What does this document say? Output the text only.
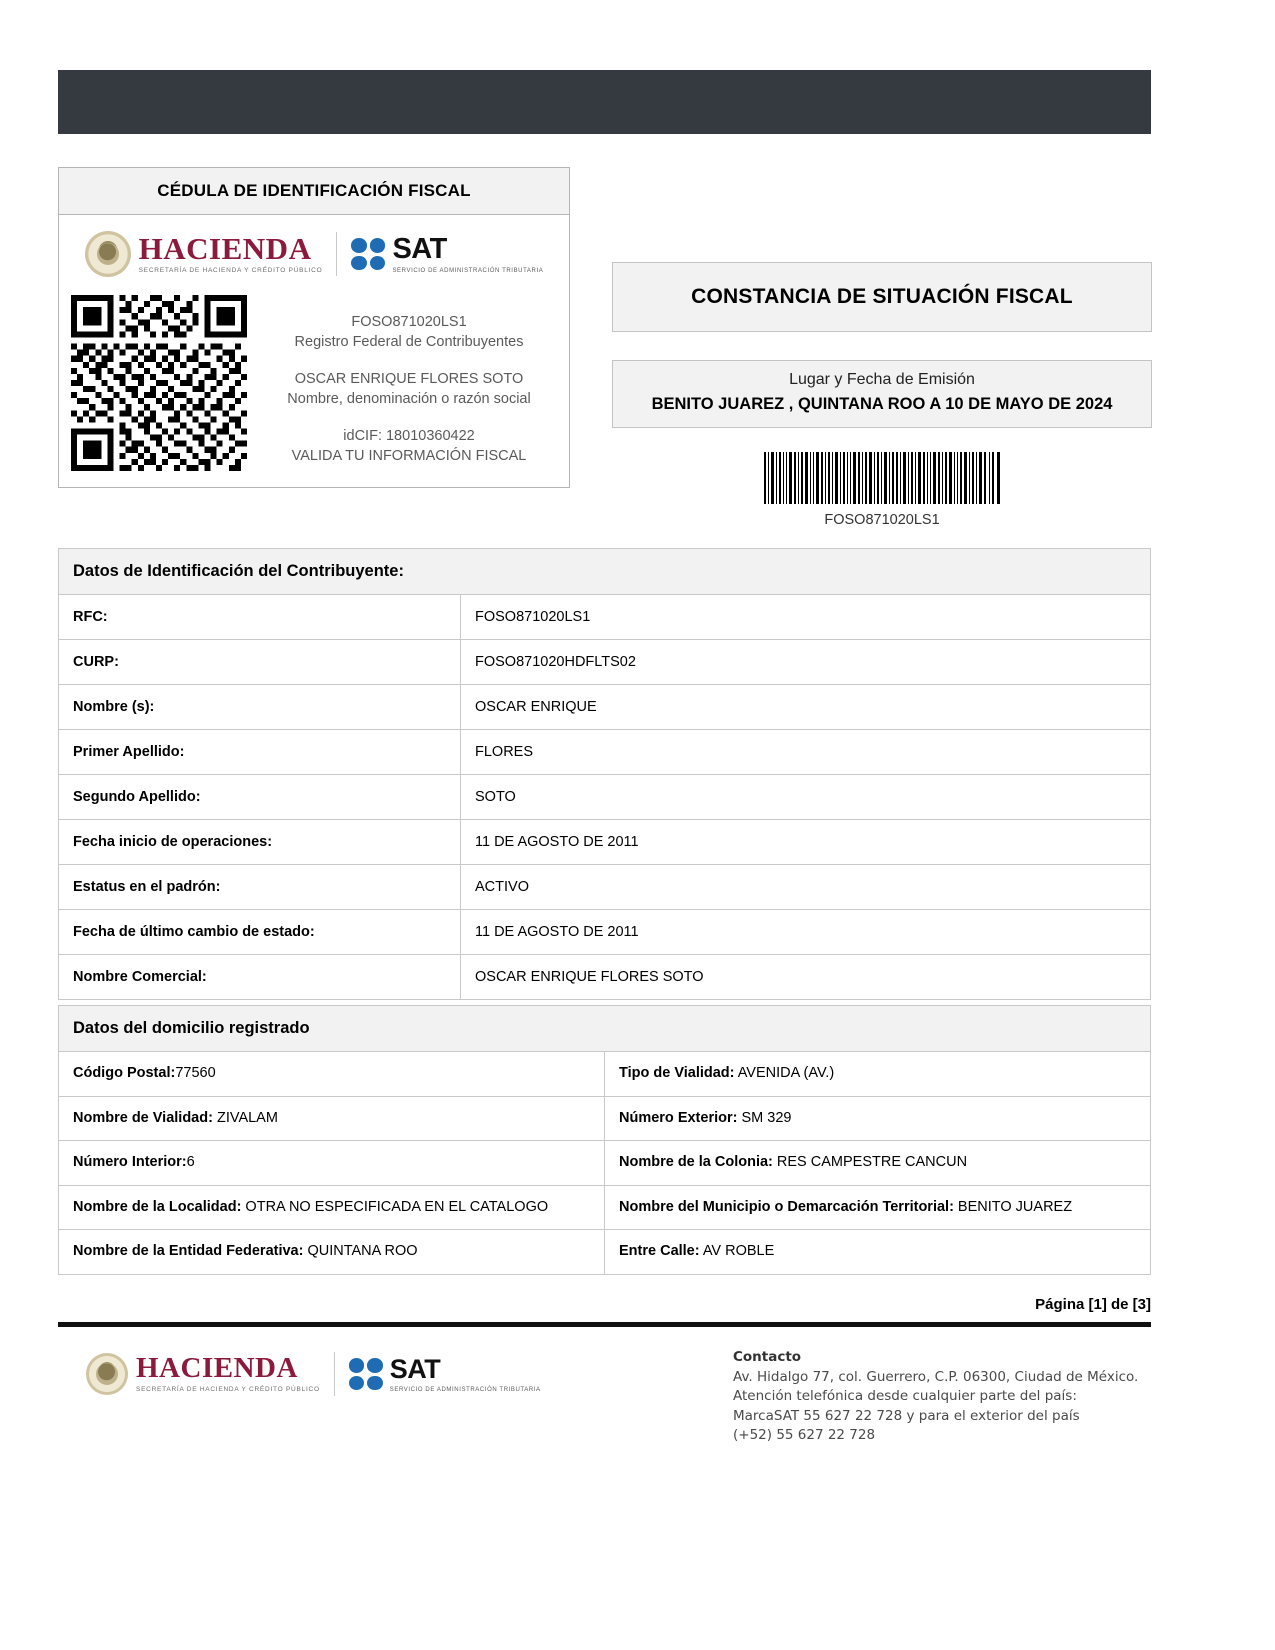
CÉDULA DE IDENTIFICACIÓN FISCAL
HACIENDA
SECRETARÍA DE HACIENDA Y CRÉDITO PÚBLICO
SAT
SERVICIO DE ADMINISTRACIÓN TRIBUTARIA
FOSO871020LS1
Registro Federal de Contribuyentes
OSCAR ENRIQUE FLORES SOTO
Nombre, denominación o razón social
idCIF: 18010360422
VALIDA TU INFORMACIÓN FISCAL
CONSTANCIA DE SITUACIÓN FISCAL
Lugar y Fecha de Emisión
BENITO JUAREZ , QUINTANA ROO A 10 DE MAYO DE 2024
FOSO871020LS1
Datos de Identificación del Contribuyente:
RFC:	FOSO871020LS1
CURP:	FOSO871020HDFLTS02
Nombre (s):	OSCAR ENRIQUE
Primer Apellido:	FLORES
Segundo Apellido:	SOTO
Fecha inicio de operaciones:	11 DE AGOSTO DE 2011
Estatus en el padrón:	ACTIVO
Fecha de último cambio de estado:	11 DE AGOSTO DE 2011
Nombre Comercial:	OSCAR ENRIQUE FLORES SOTO
Datos del domicilio registrado
Código Postal:77560	Tipo de Vialidad: AVENIDA (AV.)
Nombre de Vialidad: ZIVALAM	Número Exterior: SM 329
Número Interior:6	Nombre de la Colonia: RES CAMPESTRE CANCUN
Nombre de la Localidad: OTRA NO ESPECIFICADA EN EL CATALOGO	Nombre del Municipio o Demarcación Territorial: BENITO JUAREZ
Nombre de la Entidad Federativa: QUINTANA ROO	Entre Calle: AV ROBLE
Página [1] de [3]
HACIENDA
SECRETARÍA DE HACIENDA Y CRÉDITO PÚBLICO
SAT
SERVICIO DE ADMINISTRACIÓN TRIBUTARIA
Contacto
Av. Hidalgo 77, col. Guerrero, C.P. 06300, Ciudad de México.
Atención telefónica desde cualquier parte del país:
MarcaSAT 55 627 22 728 y para el exterior del país
(+52) 55 627 22 728
